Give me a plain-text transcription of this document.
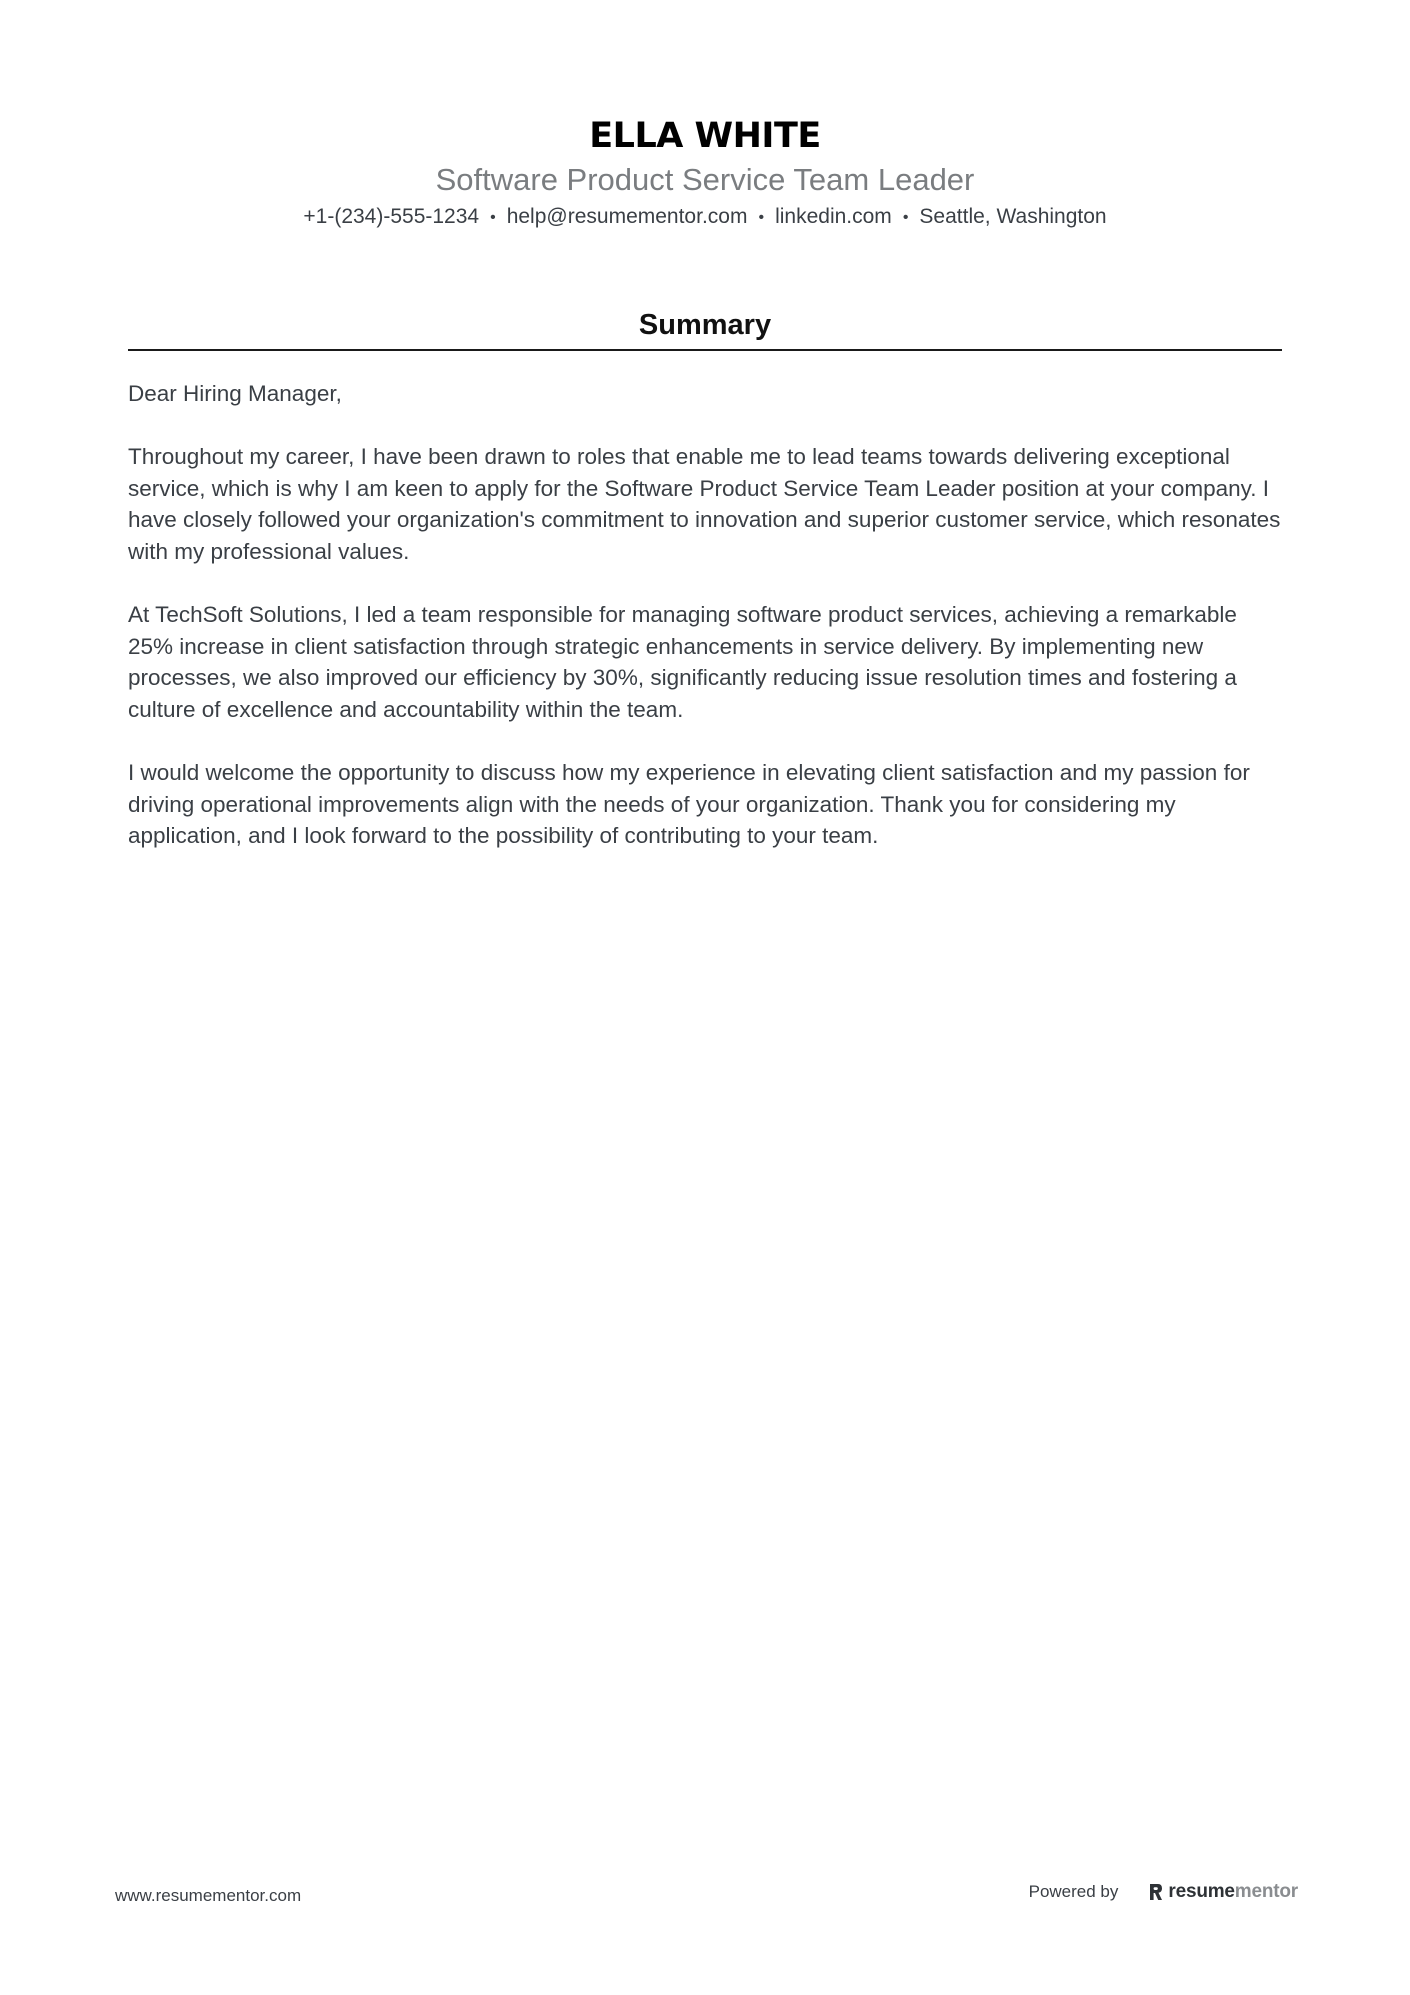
ELLA WHITE

Software Product Service Team Leader

+1-(234)-555-1234 • help@resumementor.com • linkedin.com • Seattle, Washington
Summary

Dear Hiring Manager,

Throughout my career, I have been drawn to roles that enable me to lead teams towards delivering exceptional service, which is why I am keen to apply for the Software Product Service Team Leader position at your company. I have closely followed your organization's commitment to innovation and superior customer service, which resonates with my professional values.

At TechSoft Solutions, I led a team responsible for managing software product services, achieving a remarkable 25% increase in client satisfaction through strategic enhancements in service delivery. By implementing new processes, we also improved our efficiency by 30%, significantly reducing issue resolution times and fostering a culture of excellence and accountability within the team.

I would welcome the opportunity to discuss how my experience in elevating client satisfaction and my passion for driving operational improvements align with the needs of your organization. Thank you for considering my application, and I look forward to the possibility of contributing to your team.

www.resumementor.com	Powered by	resume mentor
